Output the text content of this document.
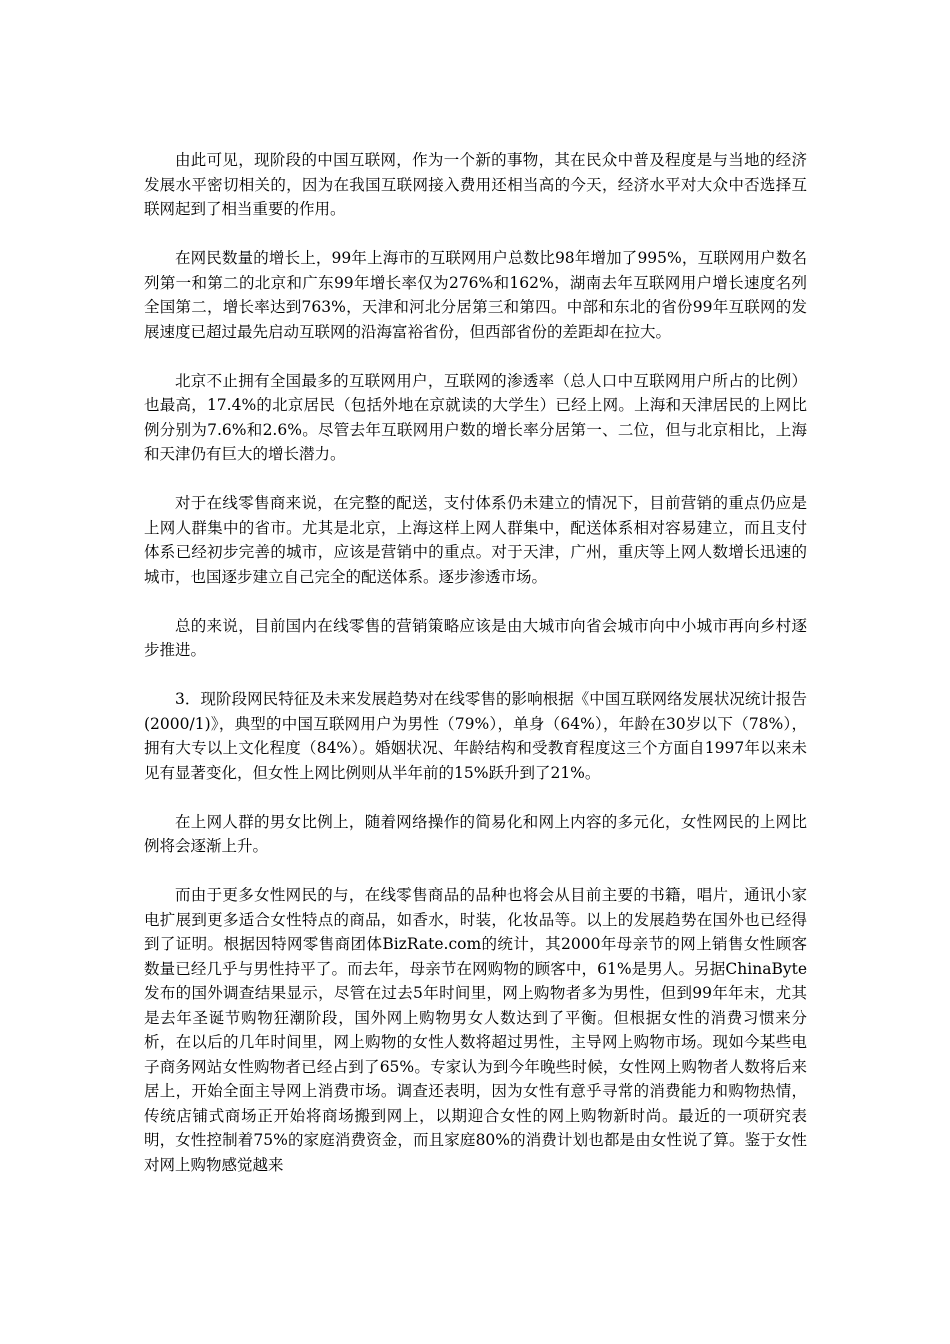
由此可见，现阶段的中国互联网，作为一个新的事物，其在民众中普及程度是与当地的经济发展水平密切相关的，因为在我国互联网接入费用还相当高的今天，经济水平对大众中否选择互联网起到了相当重要的作用。

在网民数量的增长上，99年上海市的互联网用户总数比98年增加了995%，互联网用户数名列第一和第二的北京和广东99年增长率仅为276%和162%，湖南去年互联网用户增长速度名列全国第二，增长率达到763%，天津和河北分居第三和第四。中部和东北的省份99年互联网的发展速度已超过最先启动互联网的沿海富裕省份，但西部省份的差距却在拉大。

北京不止拥有全国最多的互联网用户，互联网的渗透率（总人口中互联网用户所占的比例）也最高，17.4%的北京居民（包括外地在京就读的大学生）已经上网。上海和天津居民的上网比例分别为7.6%和2.6%。尽管去年互联网用户数的增长率分居第一、二位，但与北京相比，上海和天津仍有巨大的增长潜力。

对于在线零售商来说，在完整的配送，支付体系仍未建立的情况下，目前营销的重点仍应是上网人群集中的省市。尤其是北京，上海这样上网人群集中，配送体系相对容易建立，而且支付体系已经初步完善的城市，应该是营销中的重点。对于天津，广州，重庆等上网人数增长迅速的城市，也国逐步建立自己完全的配送体系。逐步渗透市场。

总的来说，目前国内在线零售的营销策略应该是由大城市向省会城市向中小城市再向乡村逐步推进。

3．现阶段网民特征及未来发展趋势对在线零售的影响根据《中国互联网络发展状况统计报告(2000/1)》，典型的中国互联网用户为男性（79%），单身（64%），年龄在30岁以下（78%），拥有大专以上文化程度（84%）。婚姻状况、年龄结构和受教育程度这三个方面自1997年以来未见有显著变化，但女性上网比例则从半年前的15%跃升到了21%。

在上网人群的男女比例上，随着网络操作的简易化和网上内容的多元化，女性网民的上网比例将会逐渐上升。

而由于更多女性网民的与，在线零售商品的品种也将会从目前主要的书籍，唱片，通讯小家电扩展到更多适合女性特点的商品，如香水，时装，化妆品等。以上的发展趋势在国外也已经得到了证明。根据因特网零售商团体BizRate.com的统计，其2000年母亲节的网上销售女性顾客数量已经几乎与男性持平了。而去年，母亲节在网购物的顾客中，61%是男人。另据ChinaByte发布的国外调查结果显示，尽管在过去5年时间里，网上购物者多为男性，但到99年年末，尤其是去年圣诞节购物狂潮阶段，国外网上购物男女人数达到了平衡。但根据女性的消费习惯来分析，在以后的几年时间里，网上购物的女性人数将超过男性，主导网上购物市场。现如今某些电子商务网站女性购物者已经占到了65%。专家认为到今年晚些时候，女性网上购物者人数将后来居上，开始全面主导网上消费市场。调查还表明，因为女性有意乎寻常的消费能力和购物热情，传统店铺式商场正开始将商场搬到网上，以期迎合女性的网上购物新时尚。最近的一项研究表明，女性控制着75%的家庭消费资金，而且家庭80%的消费计划也都是由女性说了算。鉴于女性对网上购物感觉越来
